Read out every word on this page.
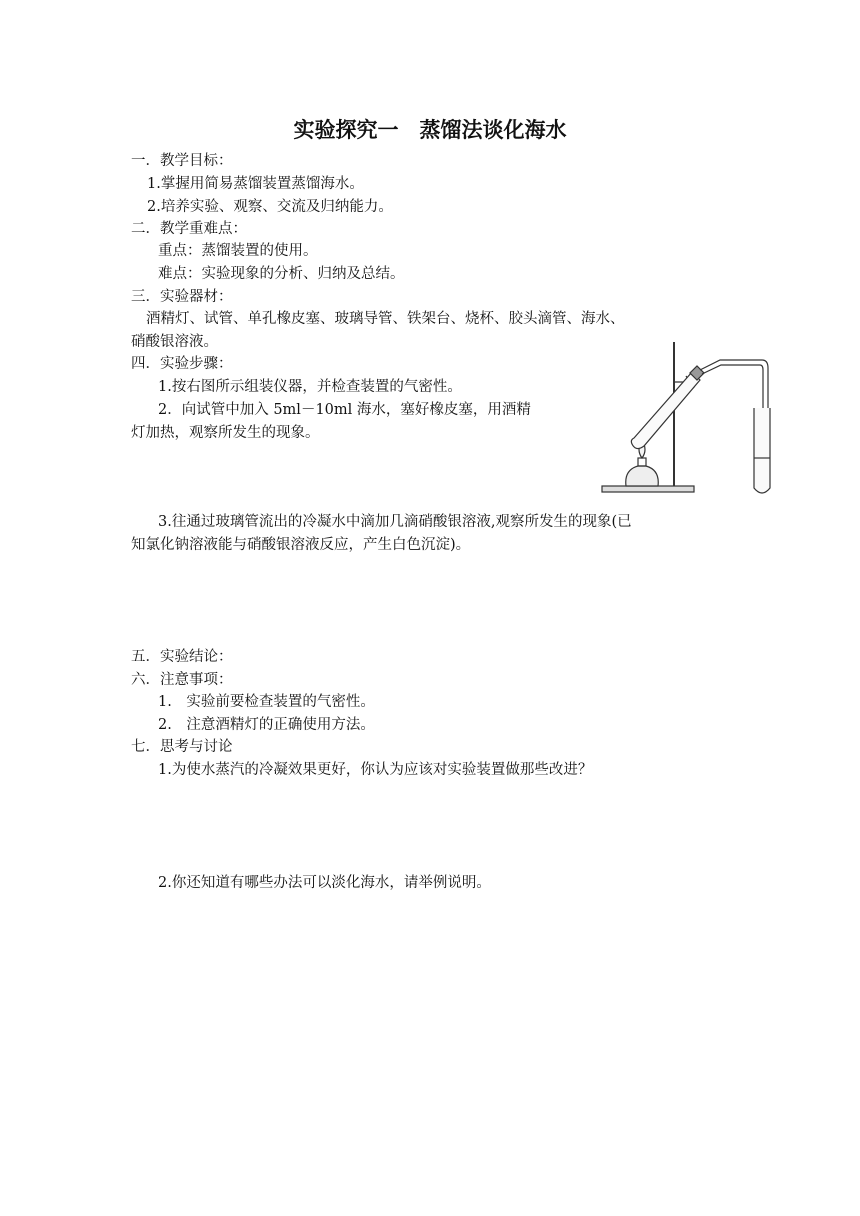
实验探究一　蒸馏法谈化海水
一．教学目标：
1.掌握用简易蒸馏装置蒸馏海水。
2.培养实验、观察、交流及归纳能力。
二．教学重难点：
重点：蒸馏装置的使用。
难点：实验现象的分析、归纳及总结。
三．实验器材：
酒精灯、试管、单孔橡皮塞、玻璃导管、铁架台、烧杯、胶头滴管、海水、
硝酸银溶液。
四．实验步骤：
1.按右图所示组装仪器，并检查装置的气密性。
2．向试管中加入 5ml－10ml 海水，塞好橡皮塞，用酒精
灯加热，观察所发生的现象。
3.往通过玻璃管流出的冷凝水中滴加几滴硝酸银溶液,观察所发生的现象(已
知氯化钠溶液能与硝酸银溶液反应，产生白色沉淀)。
五．实验结论：
六．注意事项：
1.　实验前要检查装置的气密性。
2.　注意酒精灯的正确使用方法。
七．思考与讨论
1.为使水蒸汽的冷凝效果更好，你认为应该对实验装置做那些改进？
2.你还知道有哪些办法可以淡化海水，请举例说明。
